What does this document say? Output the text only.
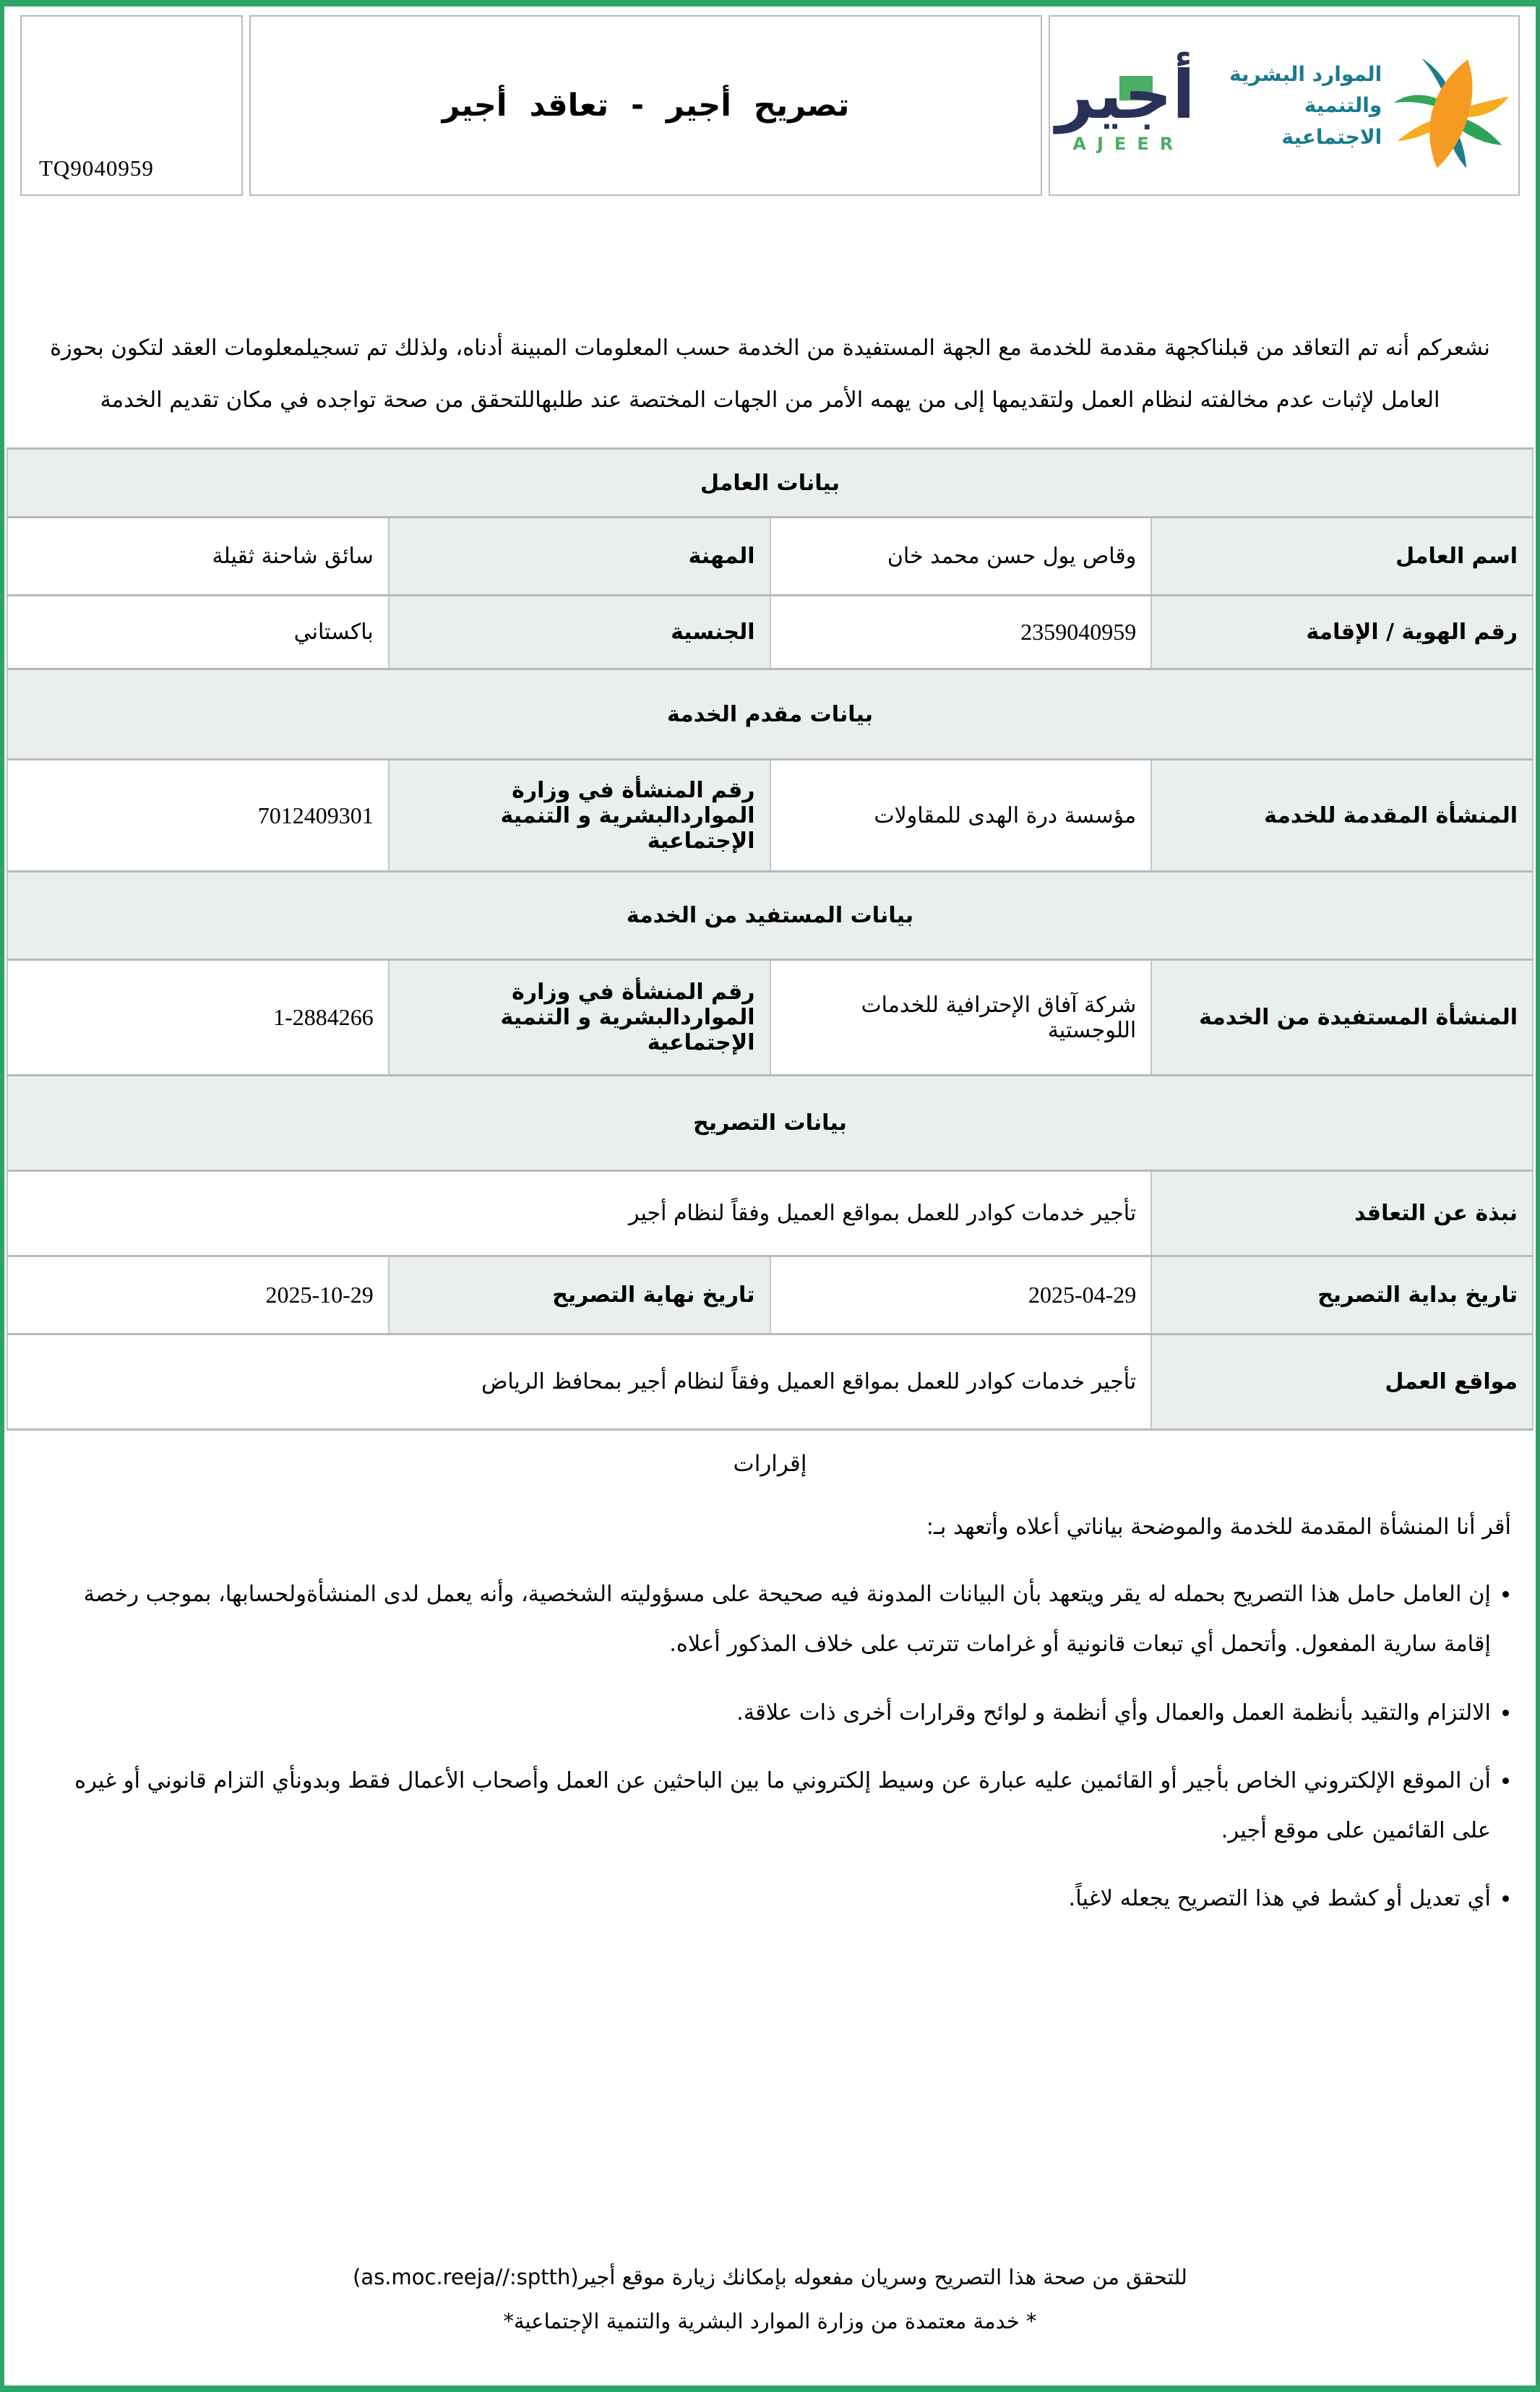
TQ9040959
تصريح أجير - تعاقد أجير	أجير
AJEER
الموارد البشرية
والتنمية الاجتماعية

نشعركم أنه تم التعاقد من قبلناكجهة مقدمة للخدمة مع الجهة المستفيدة من الخدمة حسب المعلومات المبينة أدناه، ولذلك تم تسجيلمعلومات العقد لتكون بحوزة العامل لإثبات عدم مخالفته لنظام العمل ولتقديمها إلى من يهمه الأمر من الجهات المختصة عند طلبهاللتحقق من صحة تواجده في مكان تقديم الخدمة

بيانات العامل			
اسم العامل	وقاص يول حسن محمد خان	المهنة	سائق شاحنة ثقيلة
رقم الهوية / الإقامة	2359040959	الجنسية	باكستاني
بيانات مقدم الخدمة			
المنشأة المقدمة للخدمة	مؤسسة درة الهدى للمقاولات	رقم المنشأة في وزارة المواردالبشرية و التنمية الإجتماعية	7012409301
بيانات المستفيد من الخدمة			
المنشأة المستفيدة من الخدمة	شركة آفاق الإحترافية للخدمات اللوجستية	رقم المنشأة في وزارة المواردالبشرية و التنمية الإجتماعية	1-2884266
بيانات التصريح			
نبذة عن التعاقد	تأجير خدمات كوادر للعمل بمواقع العميل وفقاً لنظام أجير		
تاريخ بداية التصريح	2025-04-29	تاريخ نهاية التصريح	2025-10-29
مواقع العمل	تأجير خدمات كوادر للعمل بمواقع العميل وفقاً لنظام أجير بمحافظ الرياض		
إقرارات

أقر أنا المنشأة المقدمة للخدمة والموضحة بياناتي أعلاه وأتعهد بـ:

• إن العامل حامل هذا التصريح بحمله له يقر ويتعهد بأن البيانات المدونة فيه صحيحة على مسؤوليته الشخصية، وأنه يعمل لدى المنشأةولحسابها، بموجب رخصة إقامة سارية المفعول. وأتحمل أي تبعات قانونية أو غرامات تترتب على خلاف المذكور أعلاه.
• الالتزام والتقيد بأنظمة العمل والعمال وأي أنظمة و لوائح وقرارات أخرى ذات علاقة.
• أن الموقع الإلكتروني الخاص بأجير أو القائمين عليه عبارة عن وسيط إلكتروني ما بين الباحثين عن العمل وأصحاب الأعمال فقط وبدونأي التزام قانوني أو غيره على القائمين على موقع أجير.
• أي تعديل أو كشط في هذا التصريح يجعله لاغياً.
للتحقق من صحة هذا التصريح وسريان مفعوله بإمكانك زيارة موقع أجير(as.moc.reeja//:sptth)
* خدمة معتمدة من وزارة الموارد البشرية والتنمية الإجتماعية*
